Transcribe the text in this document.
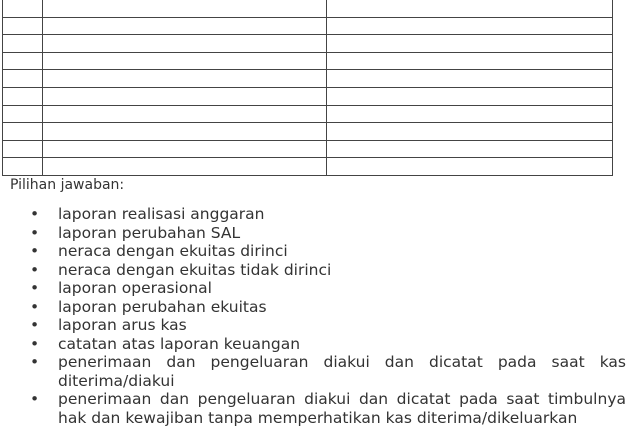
Pilihan jawaban:

• laporan realisasi anggaran
• laporan perubahan SAL
• neraca dengan ekuitas dirinci
• neraca dengan ekuitas tidak dirinci
• laporan operasional
• laporan perubahan ekuitas
• laporan arus kas
• catatan atas laporan keuangan
• penerimaan dan pengeluaran diakui dan dicatat pada saat kas diterima/diakui
• penerimaan dan pengeluaran diakui dan dicatat pada saat timbulnya hak dan kewajiban tanpa memperhatikan kas diterima/dikeluarkan
